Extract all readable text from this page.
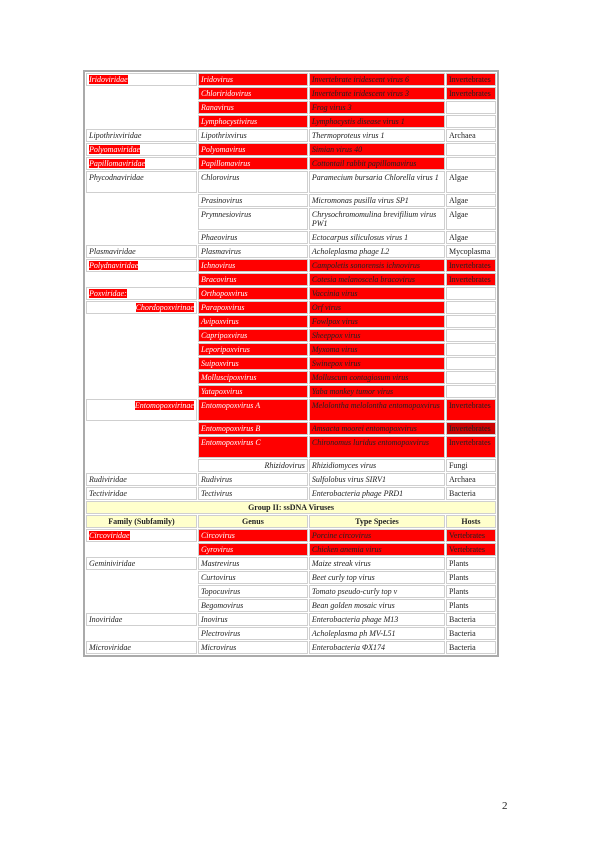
Iridoviridae	Iridovirus	Invertebrate iridescent virus 6	Invertebrates
	Chloriridovirus	Invertebrate iridescent virus 3	Invertebrates
	Ranavirus	Frog virus 3	
	Lymphocystivirus	Lymphocystis disease virus 1	
Lipothrixviridae	Lipothrixvirus	Thermoproteus virus 1	Archaea
Polyomaviridae	Polyomavirus	Simian virus 40	
Papillomaviridae	Papillomavirus	Cottontail rabbit papillomavirus	
Phycodnaviridae	Chlorovirus	Paramecium bursaria Chlorella virus 1	Algae
	Prasinovirus	Micromonas pusilla virus SP1	Algae
	Prymnesiovirus	Chrysochromomulina brevifilium virus PW1	Algae
	Phaeovirus	Ectocarpus siliculosus virus 1	Algae
Plasmaviridae	Plasmavirus	Acholeplasma phage L2	Mycoplasma
Polydnaviridae	Ichnovirus	Campoletis sonorensis ichnovirus	Invertebrates
	Bracovirus	Cotesia melanoscela bracovirus	Invertebrates
Poxviridae:	Orthopoxvirus	Vaccinia virus	
Chordopoxvirinae	Parapoxvirus	Orf virus	
	Avipoxvirus	Fowlpox virus	
	Capripoxvirus	Sheeppox virus	
	Leporipoxvirus	Myxoma virus	
	Suipoxvirus	Swinepox virus	
	Molluscipoxvirus	Molluscum contagiosum virus	
	Yatapoxvirus	Yaba monkey tumor virus	
Entomopoxvirinae	Entomopoxvirus A	Melolontha melolontha entomopoxvirus	Invertebrates
	Entomopoxvirus B	Amsacta moorei entomopoxvirus	Invertebrates
	Entomopoxvirus C	Chironomus luridus entomopoxvirus	Invertebrates
	Rhizidovirus	Rhizidiomyces virus	Fungi
Rudiviridae	Rudivirus	Sulfolobus virus SIRV1	Archaea
Tectiviridae	Tectivirus	Enterobacteria phage PRD1	Bacteria
Group II: ssDNA Viruses			
Family (Subfamily)	Genus	Type Species	Hosts
Circoviridae	Circovirus	Porcine circovirus	Vertebrates
	Gyrovirus	Chicken anemia virus	Vertebrates
Geminiviridae	Mastrevirus	Maize streak virus	Plants
	Curtovirus	Beet curly top virus	Plants
	Topocuvirus	Tomato pseudo-curly top v	Plants
	Begomovirus	Bean golden mosaic virus	Plants
Inoviridae	Inovirus	Enterobacteria phage M13	Bacteria
	Plectrovirus	Acholeplasma ph MV-L51	Bacteria
Microviridae	Microvirus	Enterobacteria ΦX174	Bacteria
2
